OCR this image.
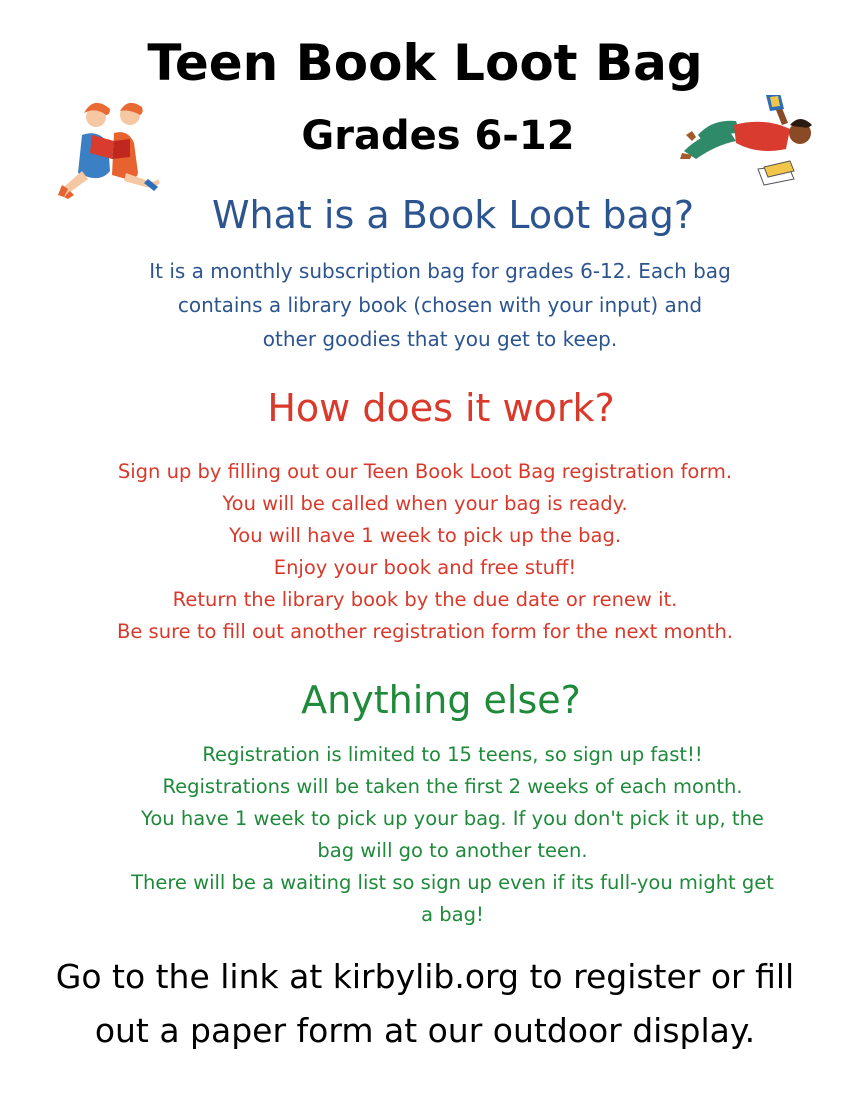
Teen Book Loot Bag
Grades 6-12
What is a Book Loot bag?
It is a monthly subscription bag for grades 6-12. Each bag
contains a library book (chosen with your input) and
other goodies that you get to keep.
How does it work?
Sign up by filling out our Teen Book Loot Bag registration form.
You will be called when your bag is ready.
You will have 1 week to pick up the bag.
Enjoy your book and free stuff!
Return the library book by the due date or renew it.
Be sure to fill out another registration form for the next month.
Anything else?
Registration is limited to 15 teens, so sign up fast!!
Registrations will be taken the first 2 weeks of each month.
You have 1 week to pick up your bag. If you don't pick it up, the
bag will go to another teen.
There will be a waiting list so sign up even if its full-you might get
a bag!
Go to the link at kirbylib.org to register or fill
out a paper form at our outdoor display.
